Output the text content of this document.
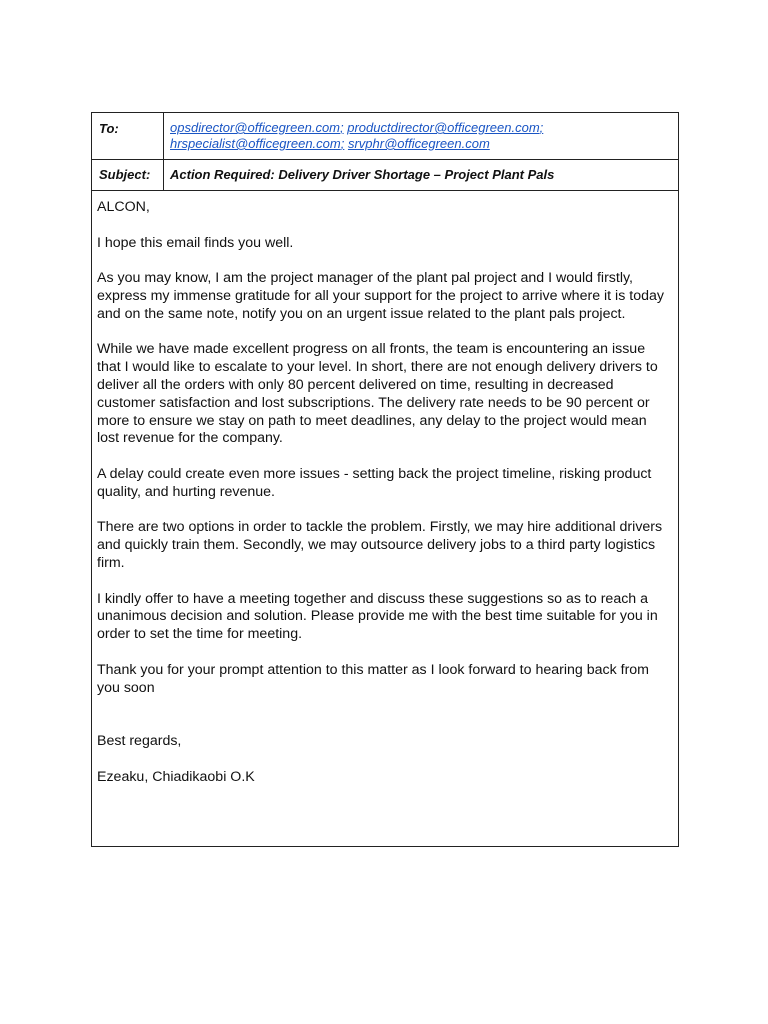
To:	opsdirector@officegreen.com; productdirector@officegreen.com;
hrspecialist@officegreen.com; srvphr@officegreen.com
Subject:	Action Required: Delivery Driver Shortage – Project Plant Pals

ALCON,

I hope this email finds you well.

As you may know, I am the project manager of the plant pal project and I would firstly, express my immense gratitude for all your support for the project to arrive where it is today and on the same note, notify you on an urgent issue related to the plant pals project.

While we have made excellent progress on all fronts, the team is encountering an issue that I would like to escalate to your level. In short, there are not enough delivery drivers to deliver all the orders with only 80 percent delivered on time, resulting in decreased customer satisfaction and lost subscriptions. The delivery rate needs to be 90 percent or more to ensure we stay on path to meet deadlines, any delay to the project would mean lost revenue for the company.

A delay could create even more issues - setting back the project timeline, risking product quality, and hurting revenue.

There are two options in order to tackle the problem. Firstly, we may hire additional drivers and quickly train them. Secondly, we may outsource delivery jobs to a third party logistics firm.

I kindly offer to have a meeting together and discuss these suggestions so as to reach a unanimous decision and solution. Please provide me with the best time suitable for you in order to set the time for meeting.

Thank you for your prompt attention to this matter as I look forward to hearing back from you soon

Best regards,

Ezeaku, Chiadikaobi O.K
